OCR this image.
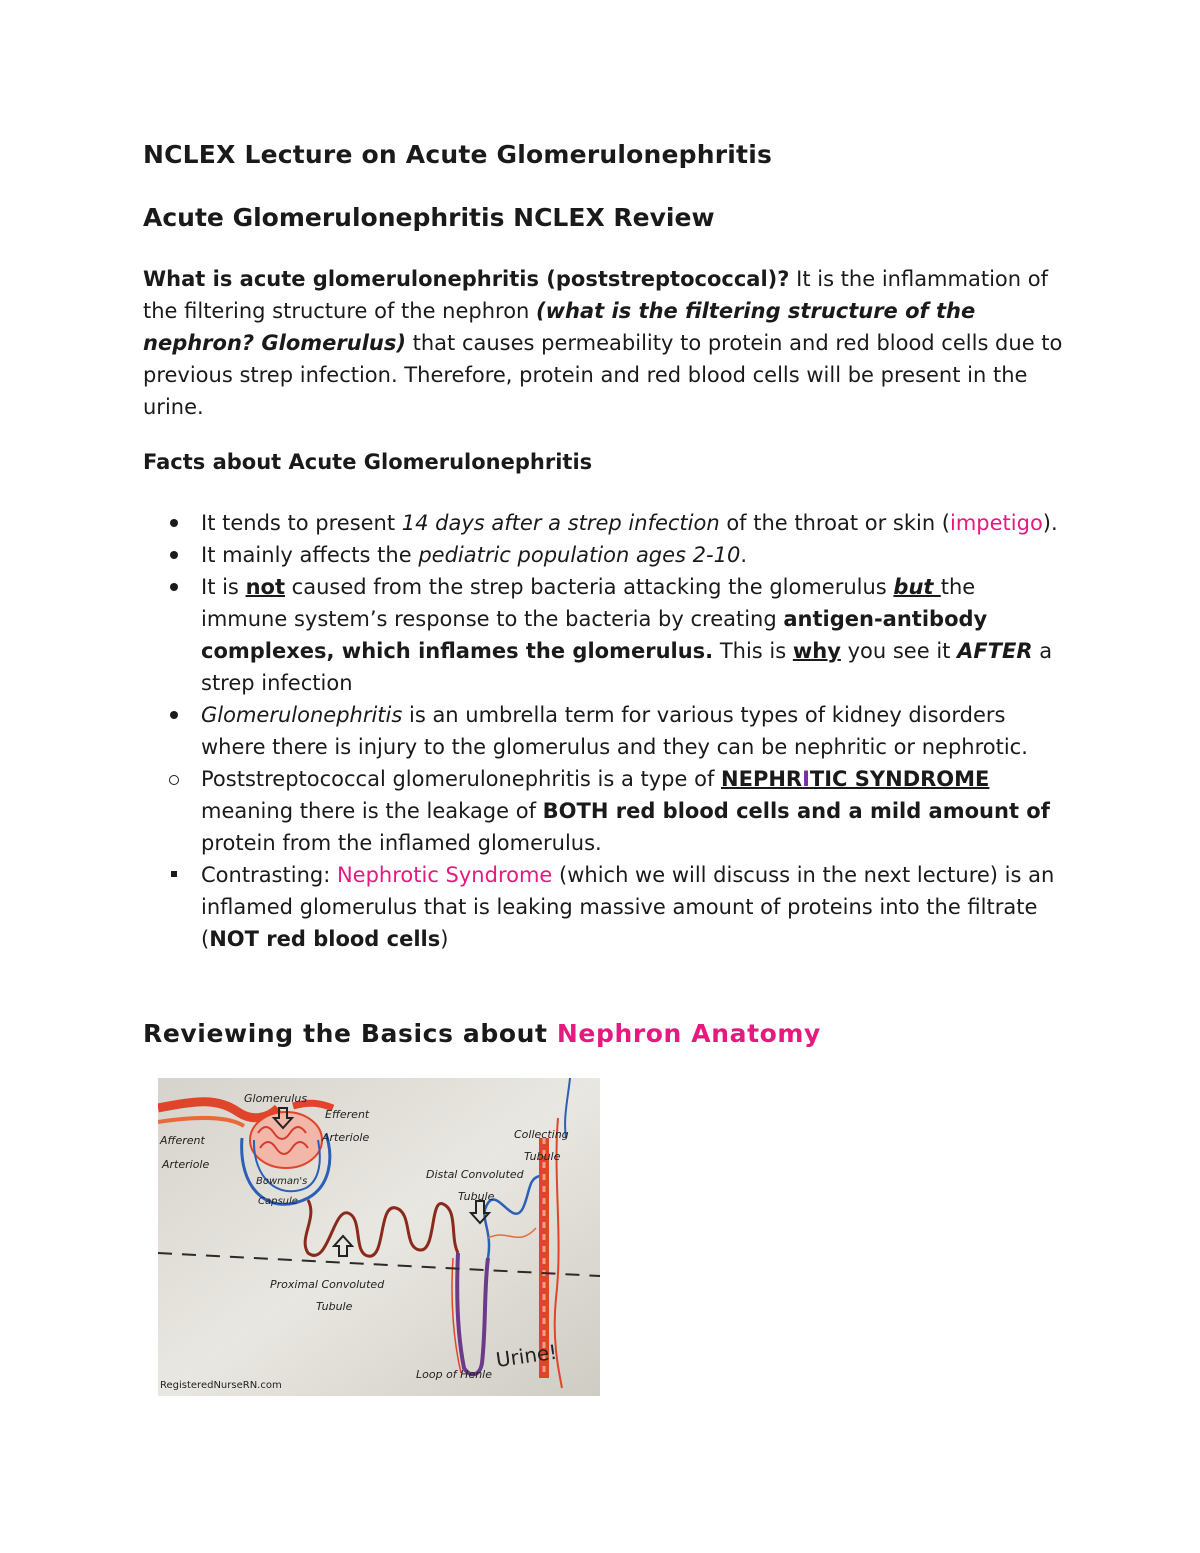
NCLEX Lecture on Acute Glomerulonephritis
Acute Glomerulonephritis NCLEX Review

What is acute glomerulonephritis (poststreptococcal)? It is the inflammation of the filtering structure of the nephron (what is the filtering structure of the nephron? Glomerulus) that causes permeability to protein and red blood cells due to previous strep infection. Therefore, protein and red blood cells will be present in the urine.

Facts about Acute Glomerulonephritis
It tends to present 14 days after a strep infection of the throat or skin (impetigo).
It mainly affects the pediatric population ages 2-10.
It is not caused from the strep bacteria attacking the glomerulus but the immune system’s response to the bacteria by creating antigen-antibody complexes, which inflames the glomerulus. This is why you see it AFTER a strep infection
Glomerulonephritis is an umbrella term for various types of kidney disorders where there is injury to the glomerulus and they can be nephritic or nephrotic.
Poststreptococcal glomerulonephritis is a type of NEPHRITIC SYNDROME meaning there is the leakage of BOTH red blood cells and a mild amount of protein from the inflamed glomerulus.
Contrasting: Nephrotic Syndrome (which we will discuss in the next lecture) is an inflamed glomerulus that is leaking massive amount of proteins into the filtrate (NOT red blood cells)
Reviewing the Basics about Nephron Anatomy
Glomerulus
Efferent
Arteriole
Afferent
Arteriole
Bowman's
Capsule
Collecting
Tubule
Distal Convoluted
Tubule
Proximal Convoluted
Tubule
Loop of Henle
RegisteredNurseRN.com
Urine!
